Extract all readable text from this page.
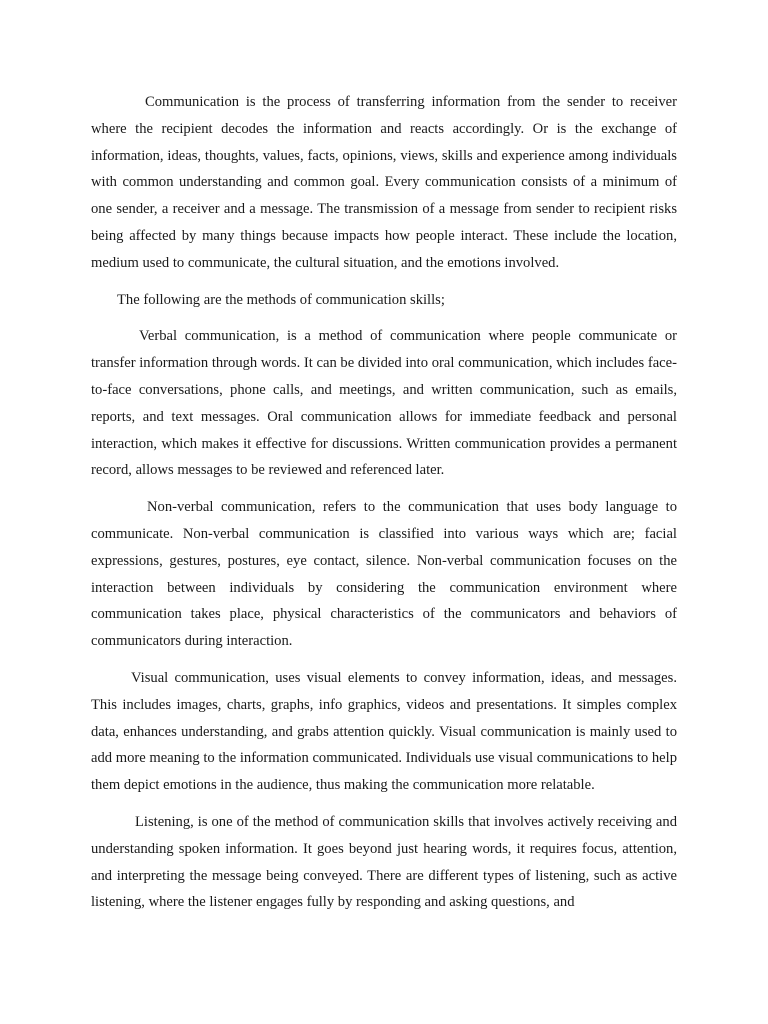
Communication is the process of transferring information from the sender to receiver where the recipient decodes the information and reacts accordingly. Or is the exchange of information, ideas, thoughts, values, facts, opinions, views, skills and experience among individuals with common understanding and common goal. Every communication consists of a minimum of one sender, a receiver and a message. The transmission of a message from sender to recipient risks being affected by many things because impacts how people interact. These include the location, medium used to communicate, the cultural situation, and the emotions involved.

The following are the methods of communication skills;

Verbal communication, is a method of communication where people communicate or transfer information through words. It can be divided into oral communication, which includes face-to-face conversations, phone calls, and meetings, and written communication, such as emails, reports, and text messages. Oral communication allows for immediate feedback and personal interaction, which makes it effective for discussions. Written communication provides a permanent record, allows messages to be reviewed and referenced later.

Non-verbal communication, refers to the communication that uses body language to communicate. Non-verbal communication is classified into various ways which are; facial expressions, gestures, postures, eye contact, silence. Non-verbal communication focuses on the interaction between individuals by considering the communication environment where communication takes place, physical characteristics of the communicators and behaviors of communicators during interaction.

Visual communication, uses visual elements to convey information, ideas, and messages. This includes images, charts, graphs, info graphics, videos and presentations. It simples complex data, enhances understanding, and grabs attention quickly. Visual communication is mainly used to add more meaning to the information communicated. Individuals use visual communications to help them depict emotions in the audience, thus making the communication more relatable.

Listening, is one of the method of communication skills that involves actively receiving and understanding spoken information. It goes beyond just hearing words, it requires focus, attention, and interpreting the message being conveyed. There are different types of listening, such as active listening, where the listener engages fully by responding and asking questions, and
